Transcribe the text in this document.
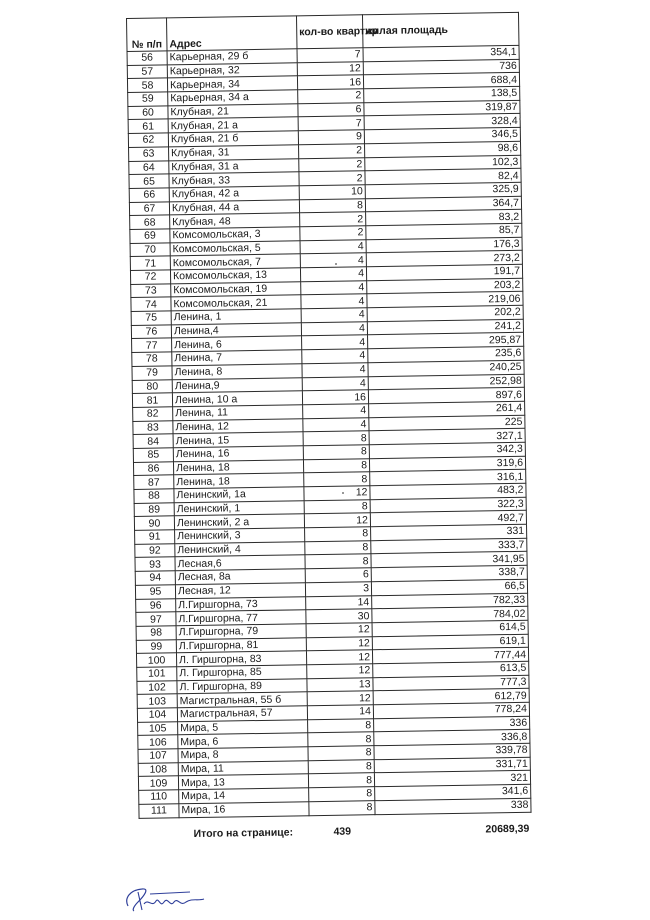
№ п/п	Адрес	кол-во квартир	жилая площадь
56	Карьерная, 29 б	7	354,1
57	Карьерная, 32	12	736
58	Карьерная, 34	16	688,4
59	Карьерная, 34 а	2	138,5
60	Клубная, 21	6	319,87
61	Клубная, 21 а	7	328,4
62	Клубная, 21 б	9	346,5
63	Клубная, 31	2	98,6
64	Клубная, 31 а	2	102,3
65	Клубная, 33	2	82,4
66	Клубная, 42 а	10	325,9
67	Клубная, 44 а	8	364,7
68	Клубная, 48	2	83,2
69	Комсомольская, 3	2	85,7
70	Комсомольская, 5	4	176,3
71	Комсомольская, 7	4	273,2
72	Комсомольская, 13	4	191,7
73	Комсомольская, 19	4	203,2
74	Комсомольская, 21	4	219,06
75	Ленина, 1	4	202,2
76	Ленина,4	4	241,2
77	Ленина, 6	4	295,87
78	Ленина, 7	4	235,6
79	Ленина, 8	4	240,25
80	Ленина,9	4	252,98
81	Ленина, 10 а	16	897,6
82	Ленина, 11	4	261,4
83	Ленина, 12	4	225
84	Ленина, 15	8	327,1
85	Ленина, 16	8	342,3
86	Ленина, 18	8	319,6
87	Ленина, 18	8	316,1
88	Ленинский, 1а	12	483,2
89	Ленинский, 1	8	322,3
90	Ленинский, 2 а	12	492,7
91	Ленинский, 3	8	331
92	Ленинский, 4	8	333,7
93	Лесная,6	8	341,95
94	Лесная, 8а	6	338,7
95	Лесная, 12	3	66,5
96	Л.Гиршгорна, 73	14	782,33
97	Л.Гиршгорна, 77	30	784,02
98	Л.Гиршгорна, 79	12	614,5
99	Л.Гиршгорна, 81	12	619,1
100	Л. Гиршгорна, 83	12	777,44
101	Л. Гиршгорна, 85	12	613,5
102	Л. Гиршгорна, 89	13	777,3
103	Магистральная, 55 б	12	612,79
104	Магистральная, 57	14	778,24
105	Мира, 5	8	336
106	Мира, 6	8	336,8
107	Мира, 8	8	339,78
108	Мира, 11	8	331,71
109	Мира, 13	8	321
110	Мира, 14	8	341,6
111	Мира, 16	8	338
Итого на странице:		439	20689,39
